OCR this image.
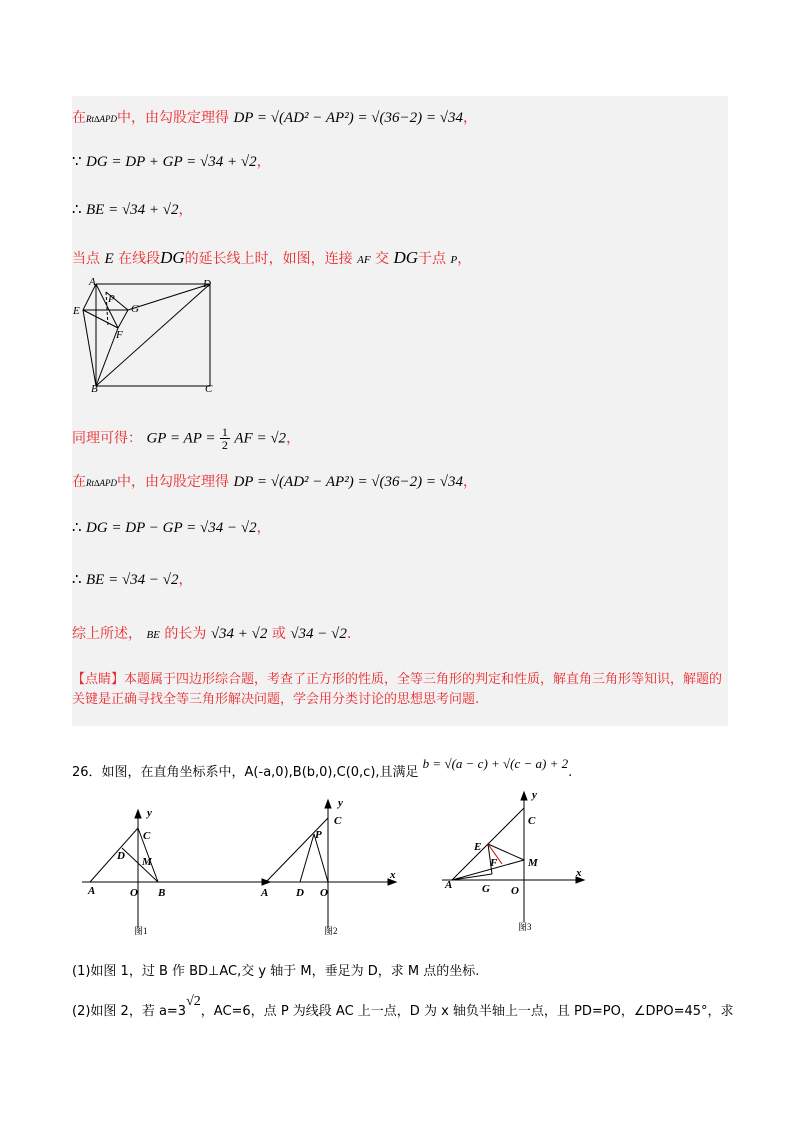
在Rt∆APD中，由勾股定理得 DP = √(AD² − AP²) = √(36−2) = √34，
∵ DG = DP + GP = √34 + √2，
∴ BE = √34 + √2，
当点 E 在线段DG的延长线上时，如图，连接 AF 交 DG于点 P，
A
B	C
D
E
F
G
P
同理可得： GP = AP = $\frac{1}{2}$ AF = √2，
在Rt∆APD中，由勾股定理得 DP = √(AD² − AP²) = √(36−2) = √34，
∴ DG = DP − GP = √34 − √2，
∴ BE = √34 − √2，
综上所述， BE 的长为 √34 + √2 或 √34 − √2.
【点睛】本题属于四边形综合题，考查了正方形的性质，全等三角形的判定和性质，解直角三角形等知识，解题的关键是正确寻找全等三角形解决问题，学会用分类讨论的思想思考问题.
26．如图，在直角坐标系中，A(-a,0),B(b,0),C(0,c),且满足 b = √(a − c) + √(c − a) + 2.
y
C
D M
A	O B
图1
y
C
P
x
A	D O
图2
y
C
E
F	M
x
A	G O
图3
(1)如图 1，过 B 作 BD⊥AC,交 y 轴于 M，垂足为 D，求 M 点的坐标.
(2)如图 2，若 a=3√2，AC=6，点 P 为线段 AC 上一点，D 为 x 轴负半轴上一点，且 PD=PO，∠DPO=45°，求
